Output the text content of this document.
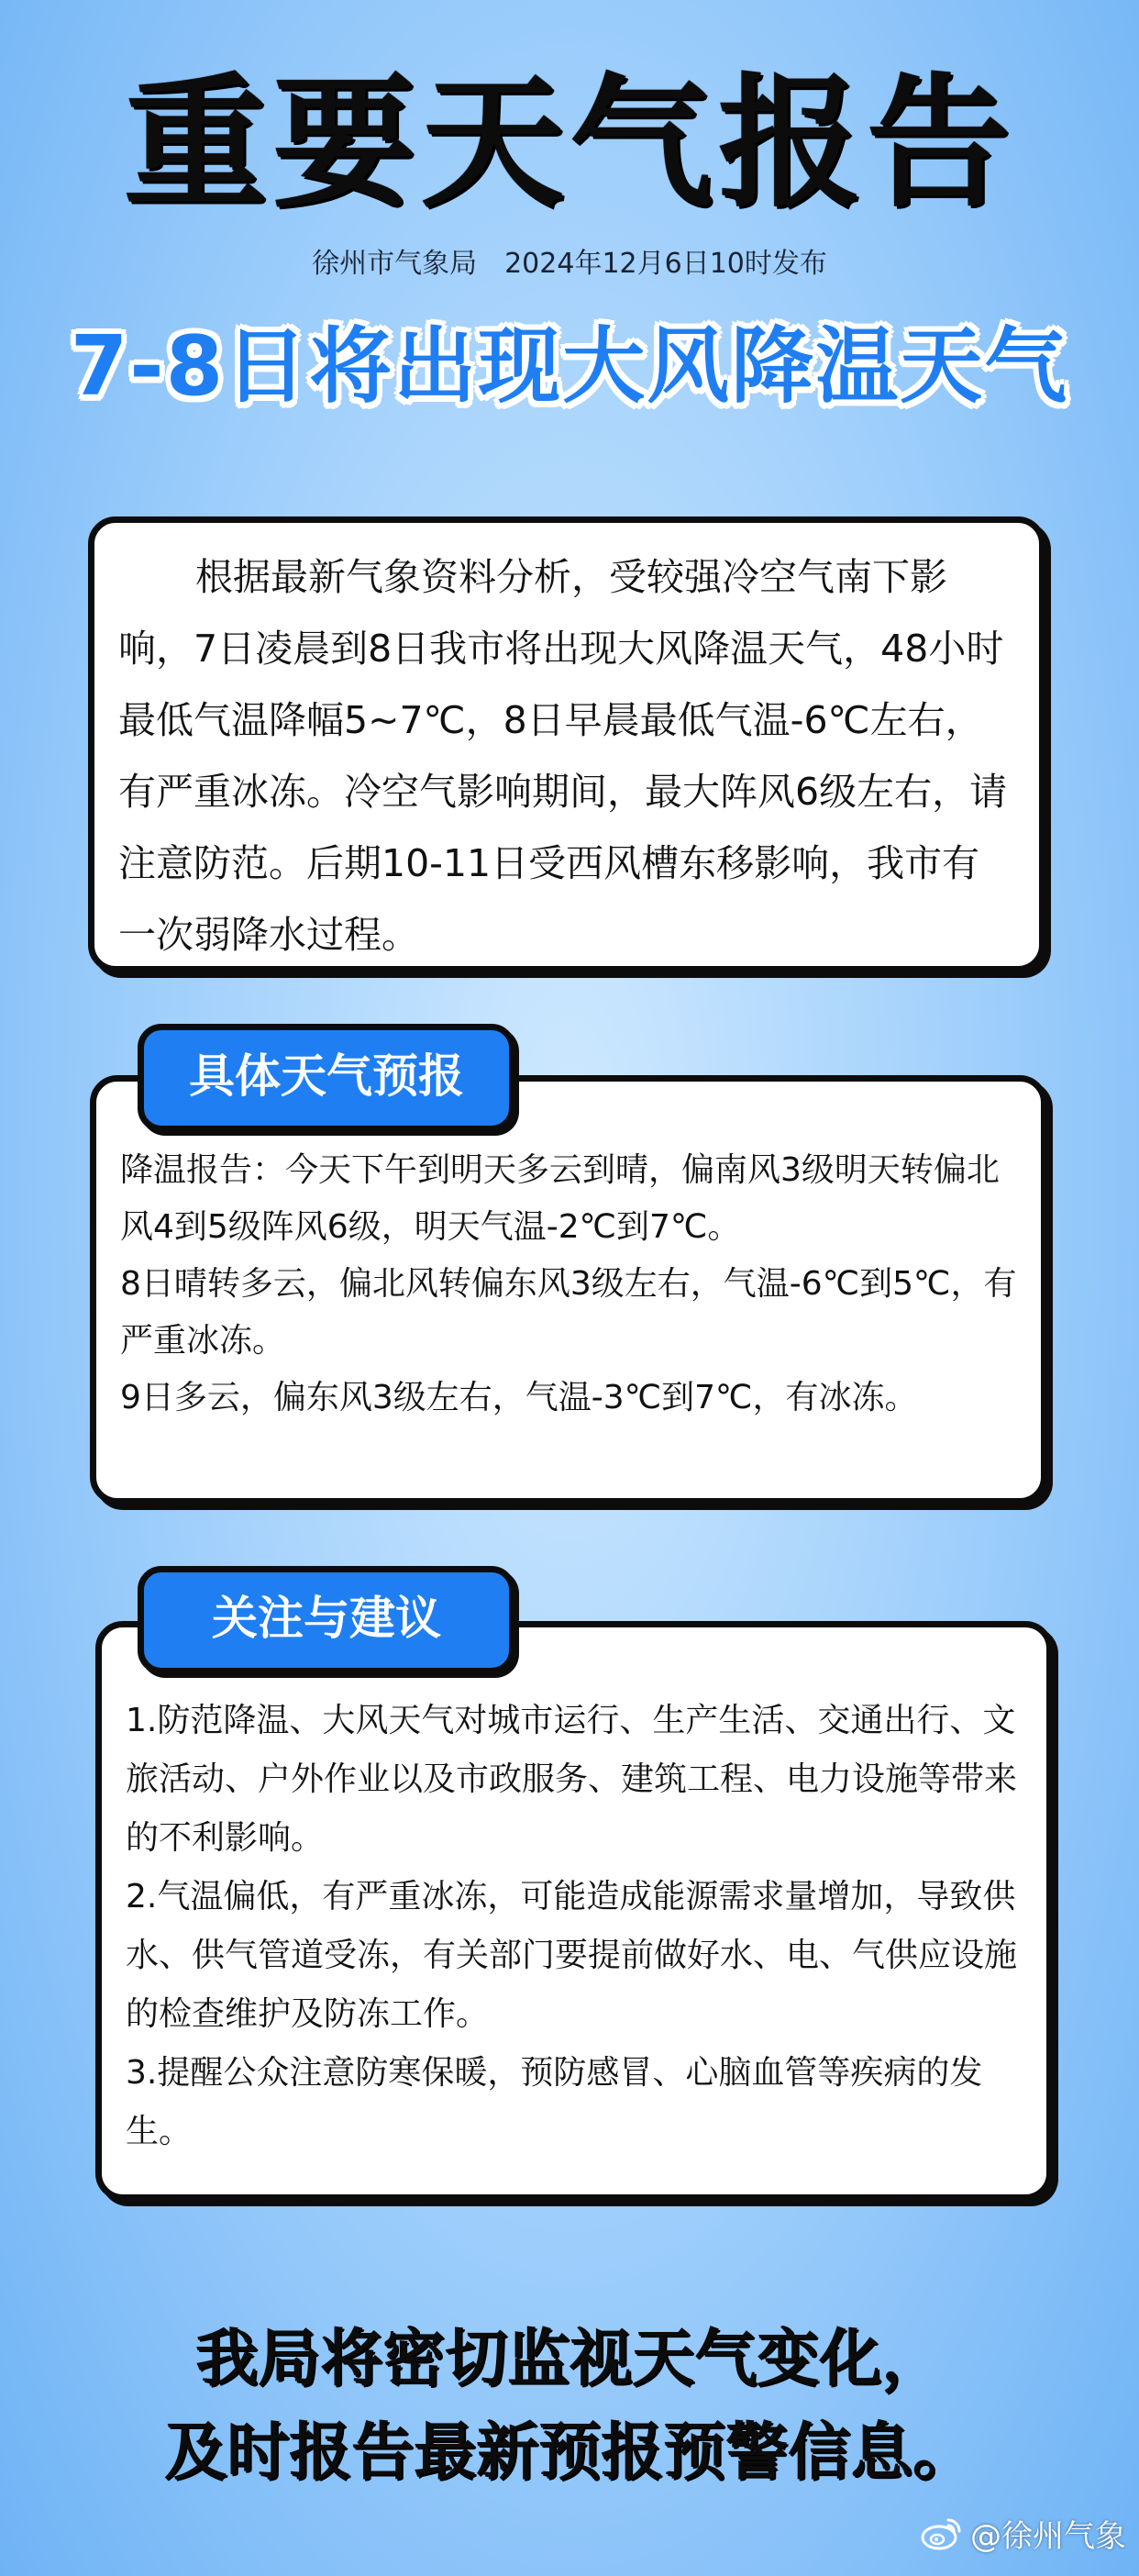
重要天气报告
徐州市气象局　2024年12月6日10时发布
7-8日将出现大风降温天气

根据最新气象资料分析，受较强冷空气南下影响，7日凌晨到8日我市将出现大风降温天气，48小时最低气温降幅5~7℃，8日早晨最低气温-6℃左右，有严重冰冻。冷空气影响期间，最大阵风6级左右，请注意防范。后期10-11日受西风槽东移影响，我市有一次弱降水过程。

降温报告：今天下午到明天多云到晴，偏南风3级明天转偏北风4到5级阵风6级，明天气温-2℃到7℃。

8日晴转多云，偏北风转偏东风3级左右，气温-6℃到5℃，有严重冰冻。

9日多云，偏东风3级左右，气温-3℃到7℃，有冰冻。

具体天气预报

1.防范降温、大风天气对城市运行、生产生活、交通出行、文旅活动、户外作业以及市政服务、建筑工程、电力设施等带来的不利影响。

2.气温偏低，有严重冰冻，可能造成能源需求量增加，导致供水、供气管道受冻，有关部门要提前做好水、电、气供应设施的检查维护及防冻工作。

3.提醒公众注意防寒保暖，预防感冒、心脑血管等疾病的发生。

关注与建议
我局将密切监视天气变化，
及时报告最新预报预警信息。
@徐州气象
